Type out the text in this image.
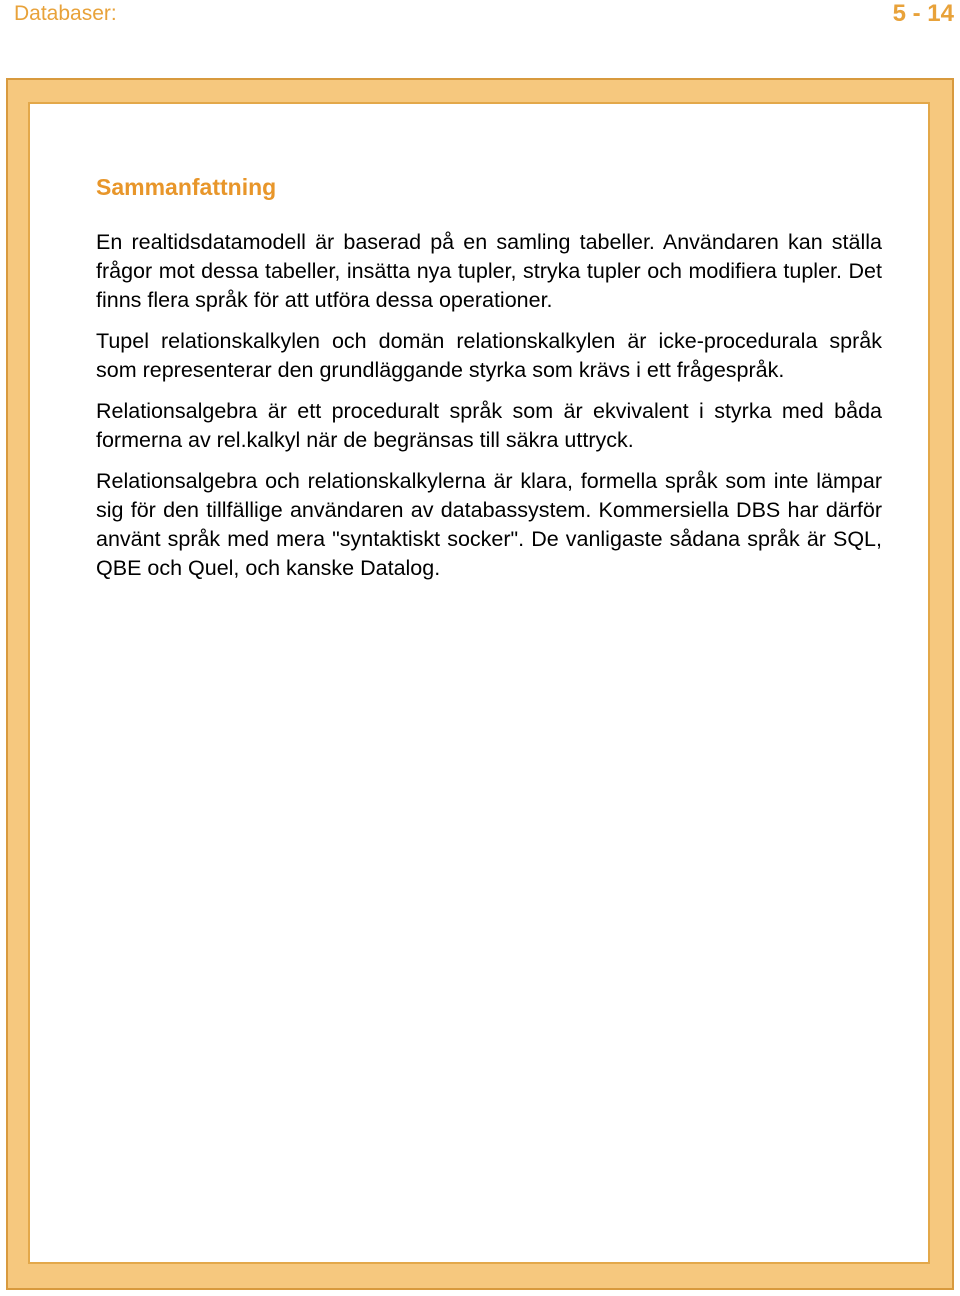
Databaser:	5 - 14
Sammanfattning

En realtidsdatamodell är baserad på en samling tabeller. Användaren kan ställa frågor mot dessa tabeller, insätta nya tupler, stryka tupler och modifiera tupler. Det finns flera språk för att utföra dessa operationer.

Tupel relationskalkylen och domän relationskalkylen är icke-procedurala språk som representerar den grundläggande styrka som krävs i ett frågespråk.

Relationsalgebra är ett proceduralt språk som är ekvivalent i styrka med båda formerna av rel.kalkyl när de begränsas till säkra uttryck.

Relationsalgebra och relationskalkylerna är klara, formella språk som inte lämpar sig för den tillfällige användaren av databassystem. Kommersiella DBS har därför använt språk med mera "syntaktiskt socker". De vanligaste sådana språk är SQL, QBE och Quel, och kanske Datalog.
